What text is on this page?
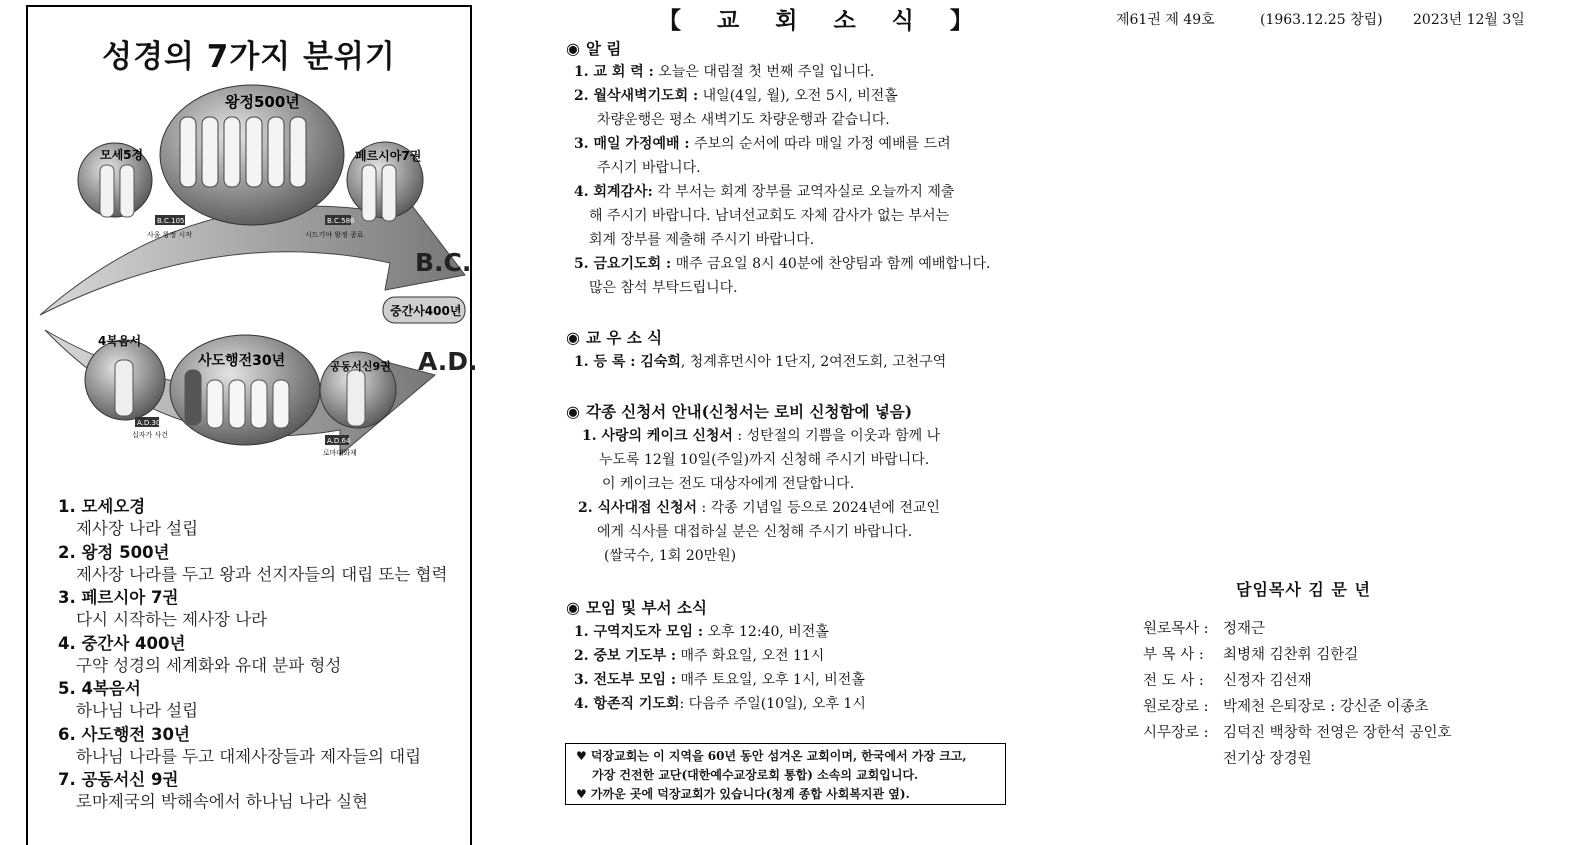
성경의 7가지 분위기
모세5경
왕정500년
페르시아7권
B.C.1050
사울 왕정 시작
B.C.586
시드기야 왕정 종료
B.C.
중간사400년
4복음서
A.D.30
십자가 사건
사도행전30년	공동서신9권
A.D.64
로마대화재
A.D.
1. 모세오경
제사장 나라 설립
2. 왕정 500년
제사장 나라를 두고 왕과 선지자들의 대립 또는 협력
3. 페르시아 7권
다시 시작하는 제사장 나라
4. 중간사 400년
구약 성경의 세계화와 유대 분파 형성
5. 4복음서
하나님 나라 설립
6. 사도행전 30년
하나님 나라를 두고 대제사장들과 제자들의 대립
7. 공동서신 9권
로마제국의 박해속에서 하나님 나라 실현
【 교 회 소 식 】
◉ 알 림
1. 교 회 력 : 오늘은 대림절 첫 번째 주일 입니다.
2. 월삭새벽기도회 : 내일(4일, 월), 오전 5시, 비전홀
차량운행은 평소 새벽기도 차량운행과 같습니다.
3. 매일 가정예배 : 주보의 순서에 따라 매일 가정 예배를 드려
주시기 바랍니다.
4. 회계감사: 각 부서는 회계 장부를 교역자실로 오늘까지 제출
해 주시기 바랍니다. 남녀선교회도 자체 감사가 없는 부서는
회계 장부를 제출해 주시기 바랍니다.
5. 금요기도회 : 매주 금요일 8시 40분에 찬양팀과 함께 예배합니다.
많은 참석 부탁드립니다.
◉ 교 우 소 식
1. 등 록 : 김숙희, 청계휴먼시아 1단지, 2여전도회, 고천구역
◉ 각종 신청서 안내(신청서는 로비 신청함에 넣음)
1. 사랑의 케이크 신청서 : 성탄절의 기쁨을 이웃과 함께 나
누도록 12월 10일(주일)까지 신청해 주시기 바랍니다.
이 케이크는 전도 대상자에게 전달합니다.
2. 식사대접 신청서 : 각종 기념일 등으로 2024년에 전교인
에게 식사를 대접하실 분은 신청해 주시기 바랍니다.
(쌀국수, 1회 20만원)
◉ 모임 및 부서 소식
1. 구역지도자 모임 : 오후 12:40, 비전홀
2. 중보 기도부 : 매주 화요일, 오전 11시
3. 전도부 모임 : 매주 토요일, 오후 1시, 비전홀
4. 항존직 기도회: 다음주 주일(10일), 오후 1시
♥ 덕장교회는 이 지역을 60년 동안 섬겨온 교회이며, 한국에서 가장 크고,
가장 건전한 교단(대한예수교장로회 통합) 소속의 교회입니다.
♥ 가까운 곳에 덕장교회가 있습니다(청계 종합 사회복지관 옆).
제61권 제 49호	(1963.12.25 창립) 2023년 12월 3일
담임목사 김 문 년
원로목사 : 정재근
부 목 사 : 최병채 김찬휘 김한길
전 도 사 : 신정자 김선재
원로장로 : 박제천 은퇴장로 : 강신준 이종초
시무장로 : 김덕진 백창학 전영은 장한석 공인호
전기상 장경원
